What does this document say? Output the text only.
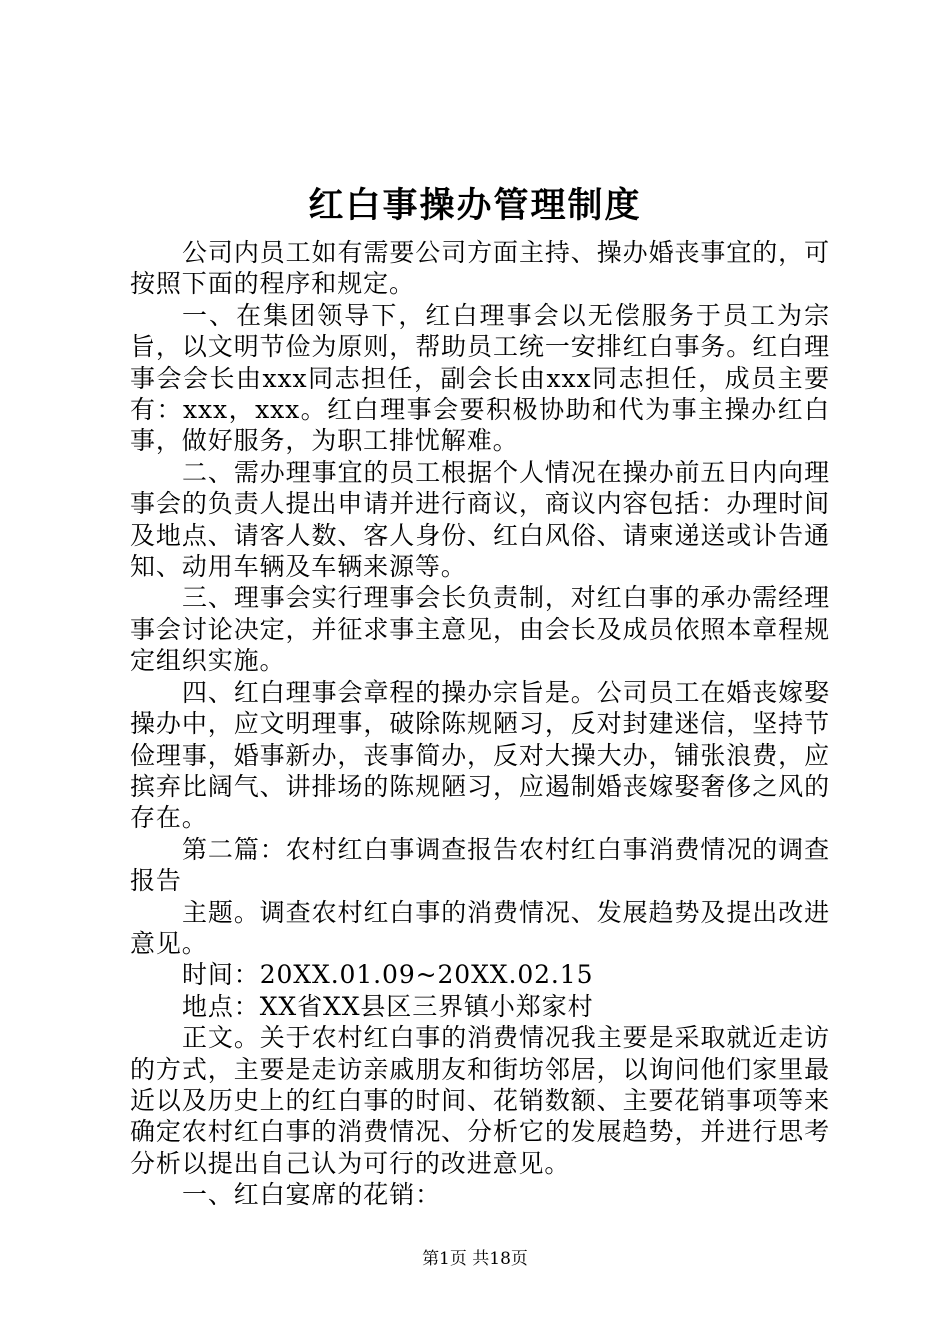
红白事操办管理制度

公司内员工如有需要公司方面主持、操办婚丧事宜的，可按照下面的程序和规定。

一、在集团领导下，红白理事会以无偿服务于员工为宗旨，以文明节俭为原则，帮助员工统一安排红白事务。红白理事会会长由xxx同志担任，副会长由xxx同志担任，成员主要有：xxx，xxx。红白理事会要积极协助和代为事主操办红白事，做好服务，为职工排忧解难。

二、需办理事宜的员工根据个人情况在操办前五日内向理事会的负责人提出申请并进行商议，商议内容包括：办理时间及地点、请客人数、客人身份、红白风俗、请柬递送或讣告通知、动用车辆及车辆来源等。

三、理事会实行理事会长负责制，对红白事的承办需经理事会讨论决定，并征求事主意见，由会长及成员依照本章程规定组织实施。

四、红白理事会章程的操办宗旨是。公司员工在婚丧嫁娶操办中，应文明理事，破除陈规陋习，反对封建迷信，坚持节俭理事，婚事新办，丧事简办，反对大操大办，铺张浪费，应摈弃比阔气、讲排场的陈规陋习，应遏制婚丧嫁娶奢侈之风的存在。

第二篇：农村红白事调查报告农村红白事消费情况的调查报告

主题。调查农村红白事的消费情况、发展趋势及提出改进意见。

时间：20XX.01.09~20XX.02.15

地点：XX省XX县区三界镇小郑家村

正文。关于农村红白事的消费情况我主要是采取就近走访的方式，主要是走访亲戚朋友和街坊邻居，以询问他们家里最近以及历史上的红白事的时间、花销数额、主要花销事项等来确定农村红白事的消费情况、分析它的发展趋势，并进行思考分析以提出自己认为可行的改进意见。

一、红白宴席的花销：

第1页 共18页
